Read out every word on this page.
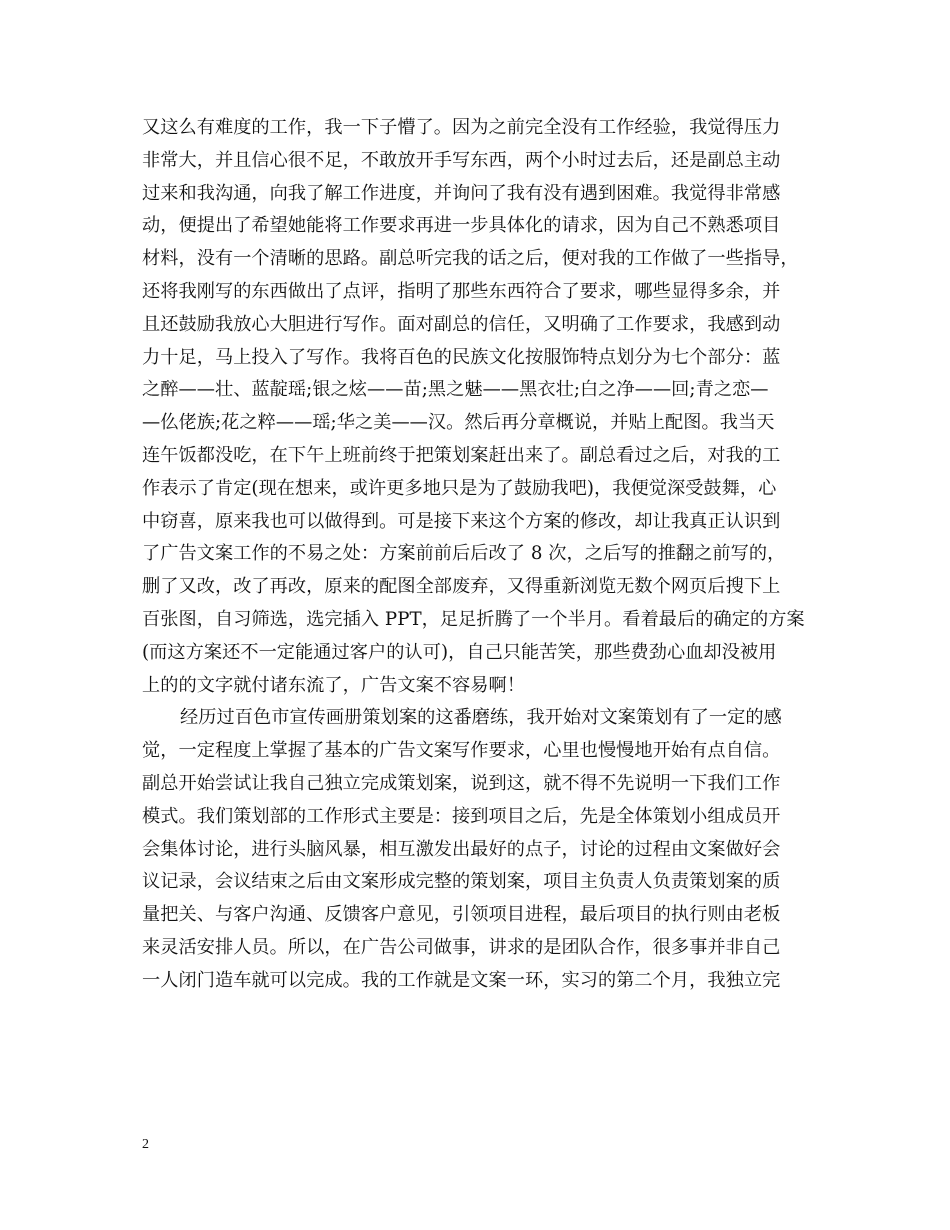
又这么有难度的工作，我一下子懵了。因为之前完全没有工作经验，我觉得压力
非常大，并且信心很不足，不敢放开手写东西，两个小时过去后，还是副总主动
过来和我沟通，向我了解工作进度，并询问了我有没有遇到困难。我觉得非常感
动，便提出了希望她能将工作要求再进一步具体化的请求，因为自己不熟悉项目
材料，没有一个清晰的思路。副总听完我的话之后，便对我的工作做了一些指导，
还将我刚写的东西做出了点评，指明了那些东西符合了要求，哪些显得多余，并
且还鼓励我放心大胆进行写作。面对副总的信任，又明确了工作要求，我感到动
力十足，马上投入了写作。我将百色的民族文化按服饰特点划分为七个部分：蓝
之醉——壮、蓝靛瑶;银之炫——苗;黑之魅——黑衣壮;白之净——回;青之恋—
—仫佬族;花之粹——瑶;华之美——汉。然后再分章概说，并贴上配图。我当天
连午饭都没吃，在下午上班前终于把策划案赶出来了。副总看过之后，对我的工
作表示了肯定(现在想来，或许更多地只是为了鼓励我吧)，我便觉深受鼓舞，心
中窃喜，原来我也可以做得到。可是接下来这个方案的修改，却让我真正认识到
了广告文案工作的不易之处：方案前前后后改了 8 次，之后写的推翻之前写的，
删了又改，改了再改，原来的配图全部废弃，又得重新浏览无数个网页后搜下上
百张图，自习筛选，选完插入 PPT，足足折腾了一个半月。看着最后的确定的方案
(而这方案还不一定能通过客户的认可)，自己只能苦笑，那些费劲心血却没被用
上的的文字就付诸东流了，广告文案不容易啊！
经历过百色市宣传画册策划案的这番磨练，我开始对文案策划有了一定的感
觉，一定程度上掌握了基本的广告文案写作要求，心里也慢慢地开始有点自信。
副总开始尝试让我自己独立完成策划案，说到这，就不得不先说明一下我们工作
模式。我们策划部的工作形式主要是：接到项目之后，先是全体策划小组成员开
会集体讨论，进行头脑风暴，相互激发出最好的点子，讨论的过程由文案做好会
议记录，会议结束之后由文案形成完整的策划案，项目主负责人负责策划案的质
量把关、与客户沟通、反馈客户意见，引领项目进程，最后项目的执行则由老板
来灵活安排人员。所以，在广告公司做事，讲求的是团队合作，很多事并非自己
一人闭门造车就可以完成。我的工作就是文案一环，实习的第二个月，我独立完
2
